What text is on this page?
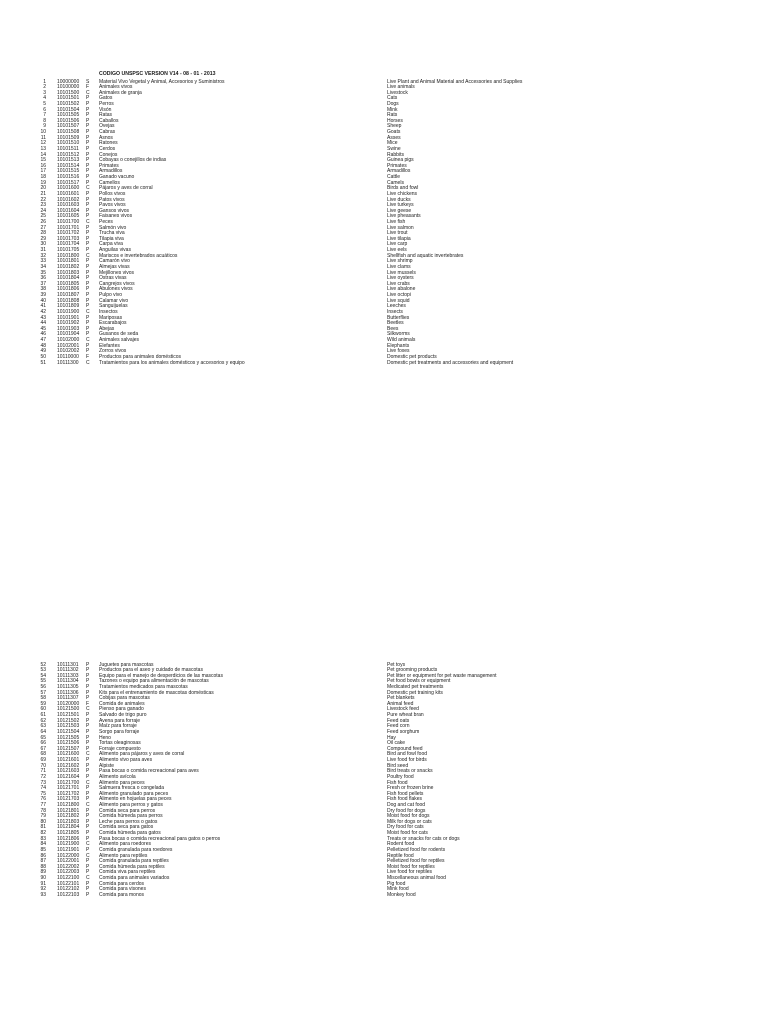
CODIGO UNSPSC VERSION V14 - 08 - 01 - 2013
1 10000000 S Material Vivo Vegetal y Animal, Accesorios y Suministros	Live Plant and Animal Material and Accessories and Supplies
2 10100000 F Animales vivos	Live animals
3 10101500 C Animales de granja	Livestock
4 10101501 P Gatos	Cats
5 10101502 P Perros	Dogs
6 10101504 P Visón	Mink
7 10101505 P Ratas	Rats
8 10101506 P Caballos	Horses
9 10101507 P Ovejas	Sheep
10 10101508 P Cabras	Goats
11 10101509 P Asnos	Asses
12 10101510 P Ratones	Mice
13 10101511 P Cerdos	Swine
14 10101512 P Conejos	Rabbits
15 10101513 P Cobayas o conejillos de indias	Guinea pigs
16 10101514 P Primates	Primates
17 10101515 P Armadillos	Armadillos
18 10101516 P Ganado vacuno	Cattle
19 10101517 P Camellos	Camels
20 10101600 C Pájaros y aves de corral	Birds and fowl
21 10101601 P Pollos vivos	Live chickens
22 10101602 P Patos vivos	Live ducks
23 10101603 P Pavos vivos	Live turkeys
24 10101604 P Gansos vivos	Live geese
25 10101605 P Faisanes vivos	Live pheasants
26 10101700 C Peces	Live fish
27 10101701 P Salmón vivo	Live salmon
28 10101702 P Trucha viva	Live trout
29 10101703 P Tilapia viva	Live tilapia
30 10101704 P Carpa viva	Live carp
31 10101705 P Anguilas vivas	Live eels
32 10101800 C Mariscos e invertebrados acuáticos	Shellfish and aquatic invertebrates
33 10101801 P Camarón vivo	Live shrimp
34 10101802 P Almejas vivas	Live clams
35 10101803 P Mejillones vivos	Live mussels
36 10101804 P Ostras vivas	Live oysters
37 10101805 P Cangrejos vivos	Live crabs
38 10101806 P Abulones vivos	Live abalone
39 10101807 P Pulpo vivo	Live octopi
40 10101808 P Calamar vivo	Live squid
41 10101809 P Sanguijuelas	Leeches
42 10101900 C Insectos	Insects
43 10101901 P Mariposas	Butterflies
44 10101902 P Escarabajos	Beetles
45 10101903 P Abejas	Bees
46 10101904 P Gusanos de seda	Silkworms
47 10102000 C Animales salvajes	Wild animals
48 10102001 P Elefantes	Elephants
49 10102002 P Zorros vivos	Live foxes
50 10110000 F Productos para animales domésticos	Domestic pet products
51 10111300 C Tratamientos para los animales domésticos y accesorios y equipo	Domestic pet treatments and accessories and equipment
52 10111301 P Juguetes para mascotas	Pet toys
53 10111302 P Productos para el aseo y cuidado de mascotas	Pet grooming products
54 10111303 P Equipo para el manejo de desperdicios de las mascotas	Pet litter or equipment for pet waste management
55 10111304 P Tazones o equipo para alimentación de mascotas	Pet food bowls or equipment
56 10111305 P Tratamientos medicados para mascotas	Medicated pet treatments
57 10111306 P Kits para el entrenamiento de mascotas domésticas	Domestic pet training kits
58 10111307 P Cobijas para mascotas	Pet blankets
59 10120000 F Comida de animales	Animal feed
60 10121500 C Pienso para ganado	Livestock feed
61 10121501 P Salvado de trigo puro	Pure wheat bran
62 10121502 P Avena para forraje	Feed oats
63 10121503 P Maíz para forraje	Feed corn
64 10121504 P Sorgo para forraje	Feed sorghum
65 10121505 P Heno	Hay
66 10121506 P Tortas oleaginosas	Oil cake
67 10121507 P Forraje compuesto	Compound feed
68 10121600 C Alimento para pájaros y aves de corral	Bird and fowl food
69 10121601 P Alimento vivo para aves	Live food for birds
70 10121602 P Alpiste	Bird seed
71 10121603 P Pasa bocas o comida recreacional para aves	Bird treats or snacks
72 10121604 P Alimento avícola	Poultry food
73 10121700 C Alimento para peces	Fish food
74 10121701 P Salmuera fresca o congelada	Fresh or frozen brine
75 10121702 P Alimento granulado para peces	Fish food pellets
76 10121703 P Alimento en hojuelas para peces	Fish food flakes
77 10121800 C Alimento para perros y gatos	Dog and cat food
78 10121801 P Comida seca para perros	Dry food for dogs
79 10121802 P Comida húmeda para perros	Moist food for dogs
80 10121803 P Leche para perros o gatos	Milk for dogs or cats
81 10121804 P Comida seca para gatos	Dry food for cats
82 10121805 P Comida húmeda para gatos	Moist food for cats
83 10121806 P Pasa bocas o comida recreacional para gatos o perros	Treats or snacks for cats or dogs
84 10121900 C Alimento para roedores	Rodent food
85 10121901 P Comida granulada para roedores	Pelletized food for rodents
86 10122000 C Alimento para reptiles	Reptile food
87 10122001 P Comida granulada para reptiles	Pelletized food for reptiles
88 10122002 P Comida húmeda para reptiles	Moist food for reptiles
89 10122003 P Comida viva para reptiles	Live food for reptiles
90 10122100 C Comida para animales variados	Miscellaneous animal food
91 10122101 P Comida para cerdos	Pig food
92 10122102 P Comida para visones	Mink food
93 10122103 P Comida para monos	Monkey food
